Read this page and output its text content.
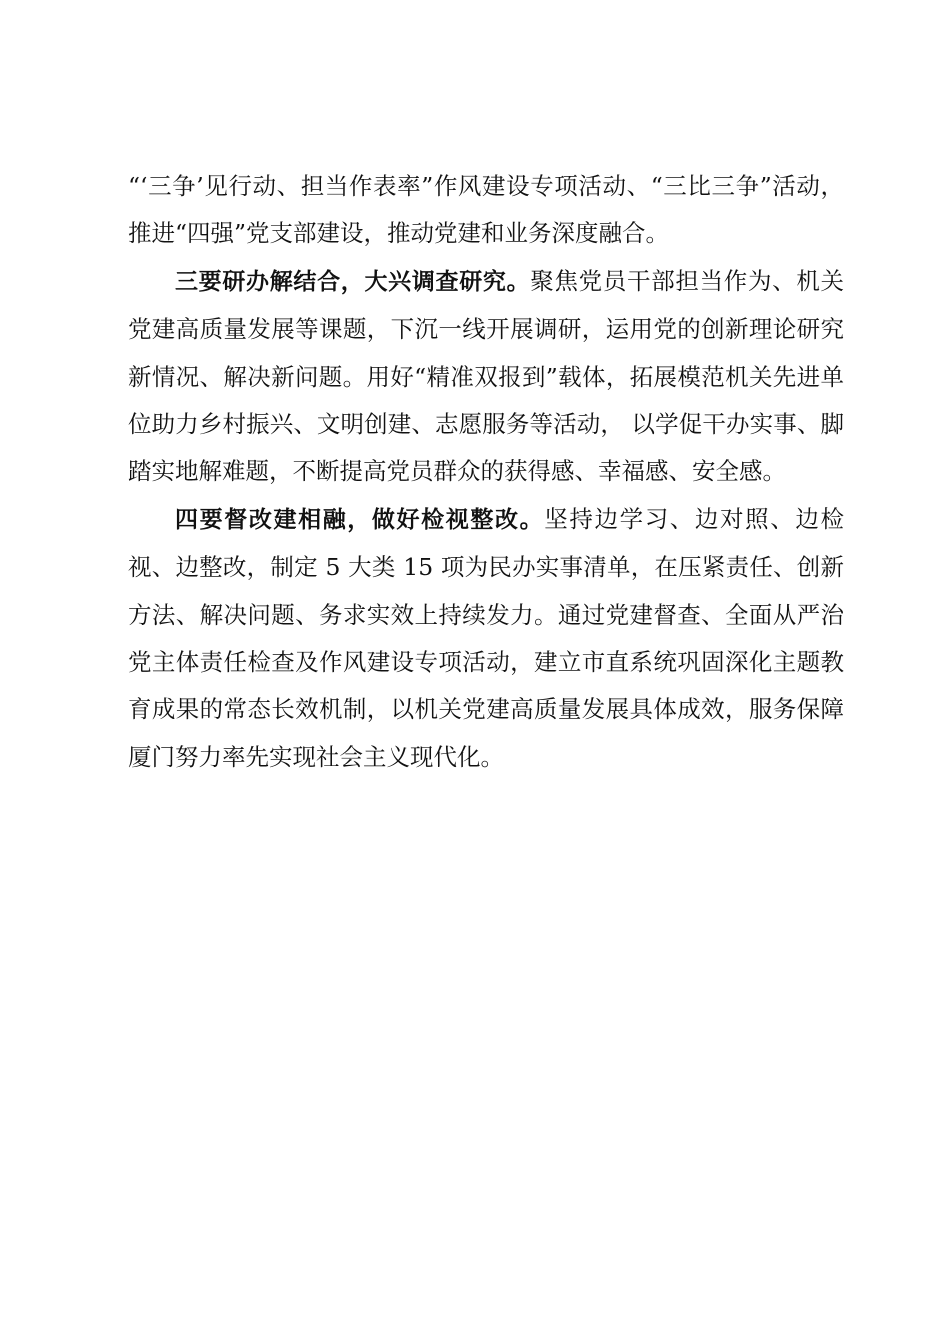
“‘三争’见行动、担当作表率”作风建设专项活动、“三比三争”活动，推进“四强”党支部建设，推动党建和业务深度融合。

三要研办解结合，大兴调查研究。聚焦党员干部担当作为、机关党建高质量发展等课题，下沉一线开展调研，运用党的创新理论研究新情况、解决新问题。用好“精准双报到”载体，拓展模范机关先进单位助力乡村振兴、文明创建、志愿服务等活动， 以学促干办实事、脚踏实地解难题，不断提高党员群众的获得感、幸福感、安全感。

四要督改建相融，做好检视整改。坚持边学习、边对照、边检视、边整改，制定 5 大类 15 项为民办实事清单，在压紧责任、创新方法、解决问题、务求实效上持续发力。通过党建督查、全面从严治党主体责任检查及作风建设专项活动，建立市直系统巩固深化主题教育成果的常态长效机制，以机关党建高质量发展具体成效，服务保障厦门努力率先实现社会主义现代化。
